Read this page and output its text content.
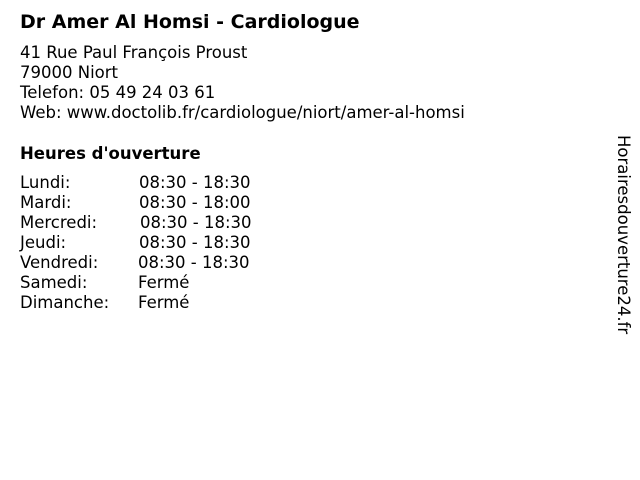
Dr Amer Al Homsi - Cardiologue
41 Rue Paul François Proust
79000 Niort
Telefon: 05 49 24 03 61
Web: www.doctolib.fr/cardiologue/niort/amer-al-homsi
Heures d'ouverture
Lundi:	08:30 - 18:30
Mardi:	08:30 - 18:00
Mercredi:	08:30 - 18:30
Jeudi:	08:30 - 18:30
Vendredi: 08:30 - 18:30
Samedi:	Fermé
Dimanche: Fermé	Horairesdouverture24.fr
